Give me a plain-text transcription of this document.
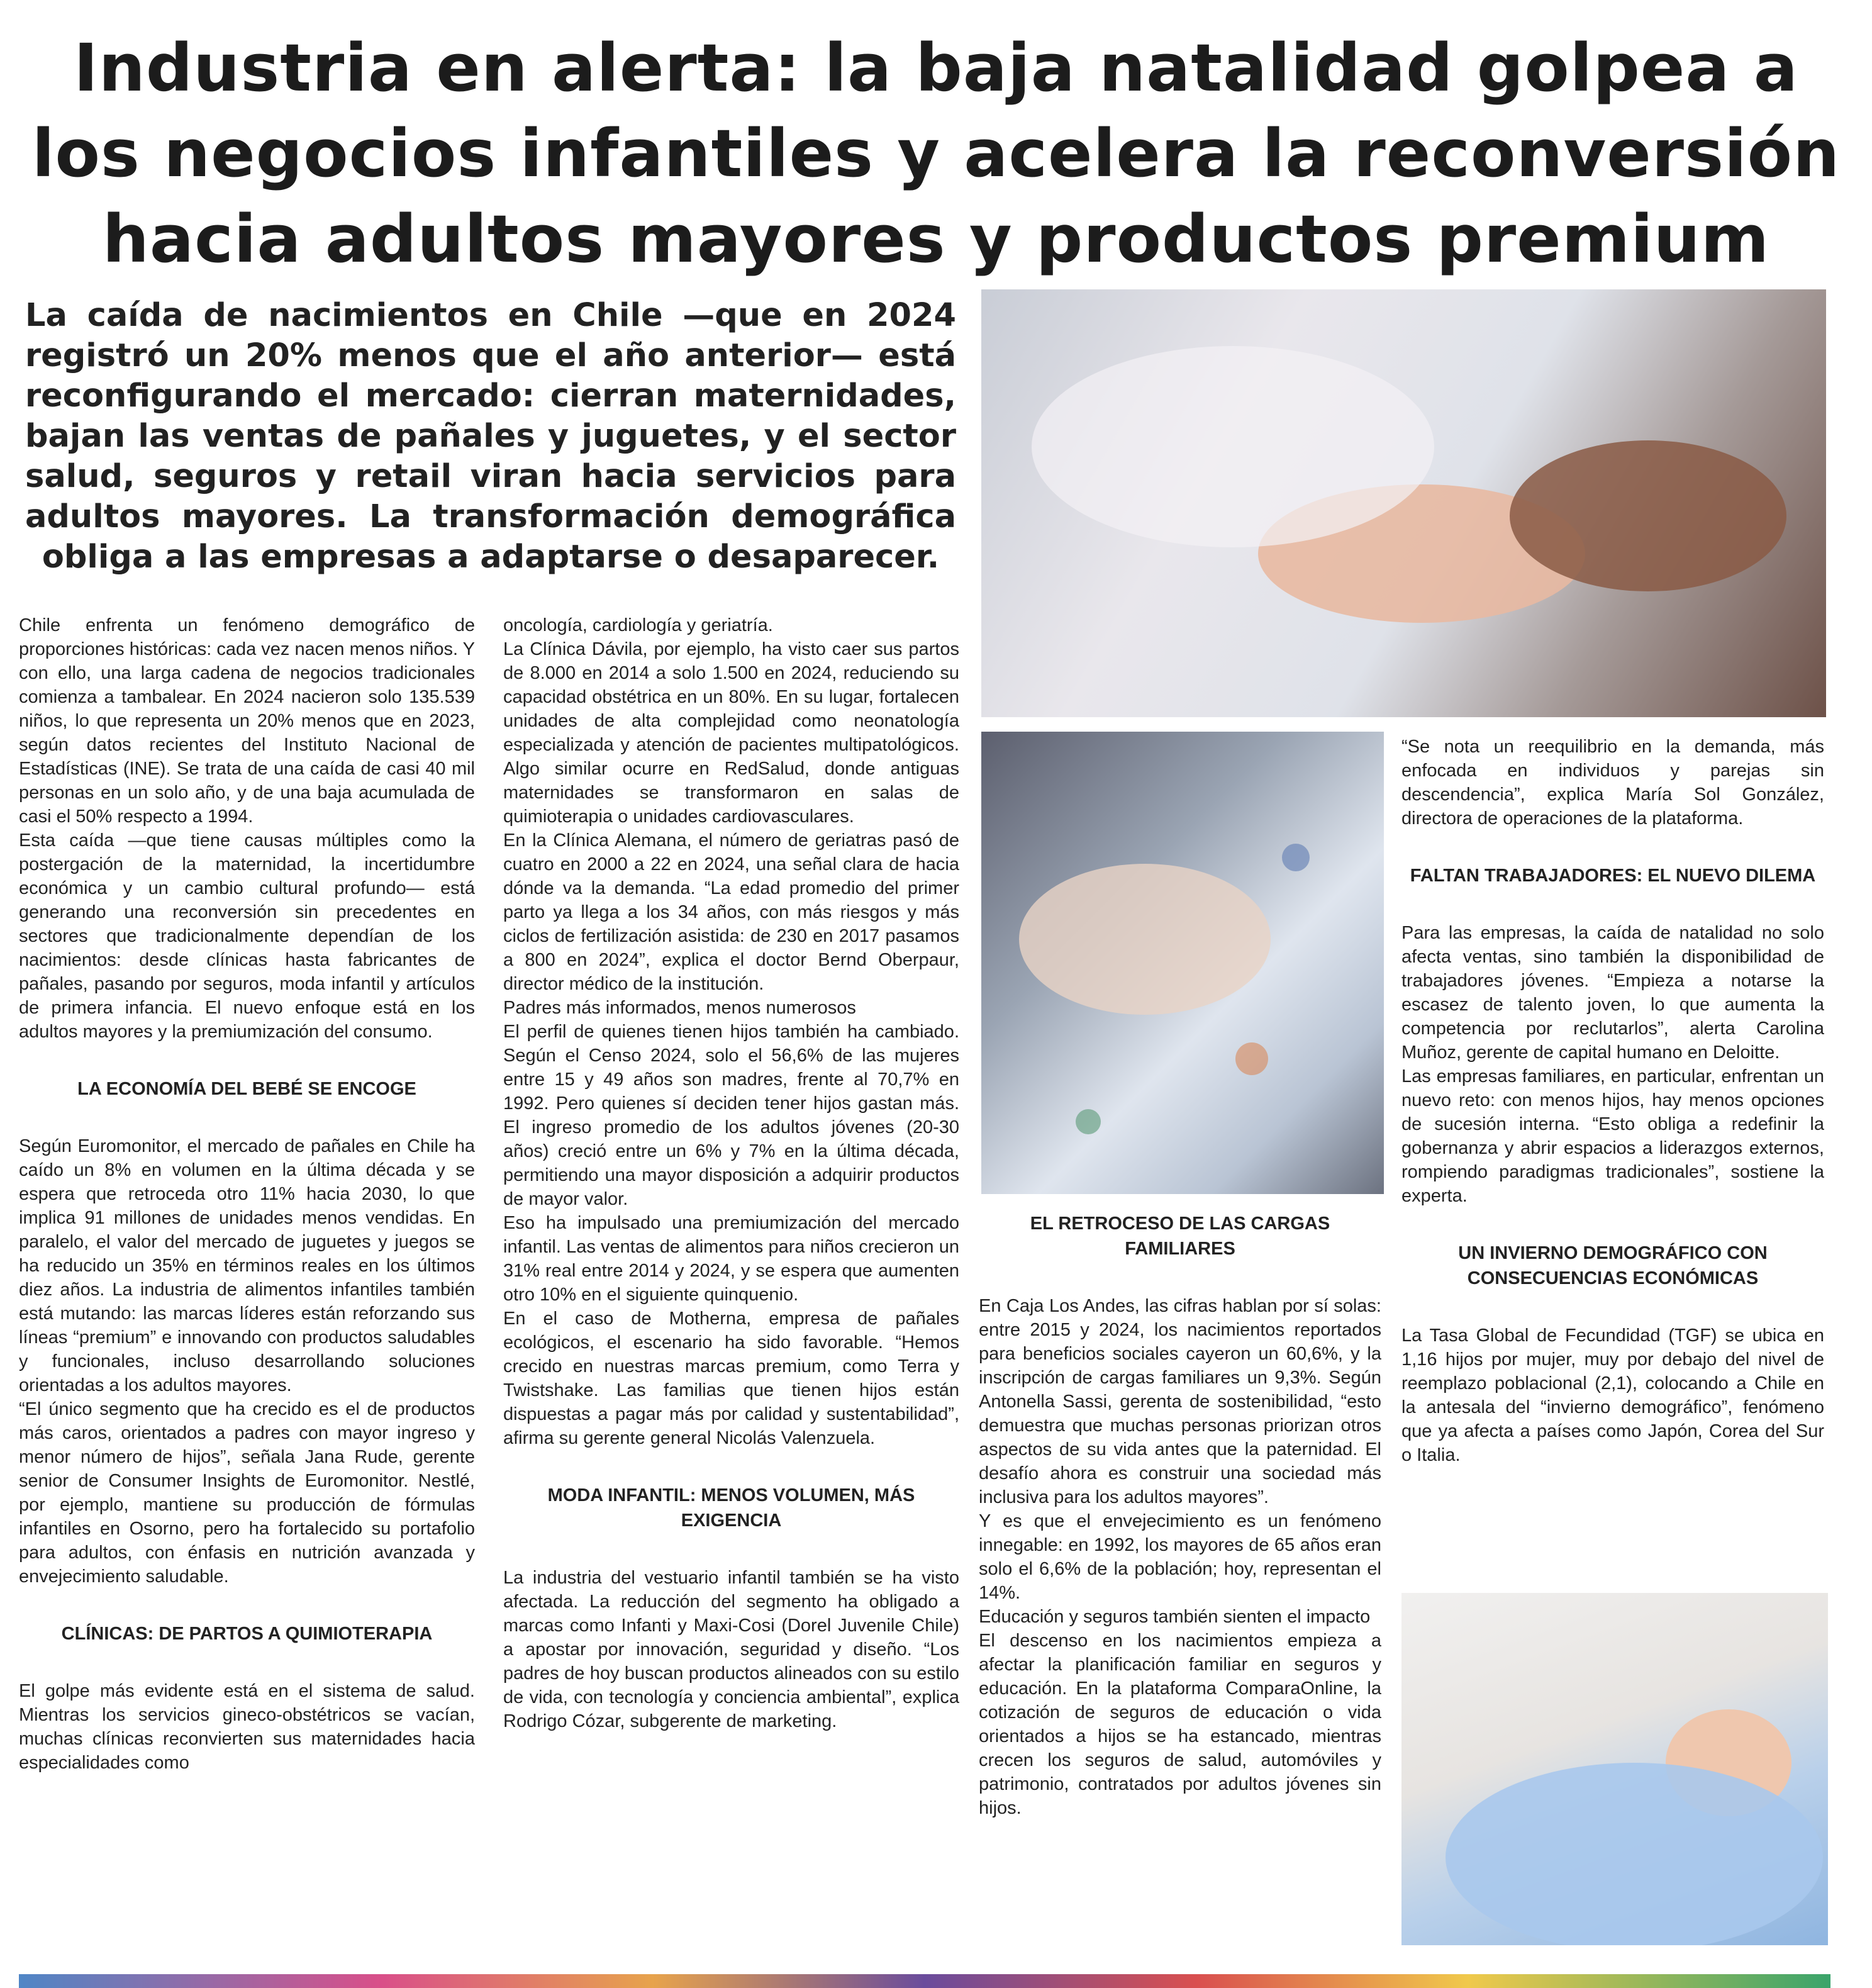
Industria en alerta: la baja natalidad golpea a los negocios infantiles y acelera la reconversión hacia adultos mayores y productos premium

La caída de nacimientos en Chile —que en 2024 registró un 20% menos que el año anterior— está reconfigurando el mercado: cierran maternidades, bajan las ventas de pañales y juguetes, y el sector salud, seguros y retail viran hacia servicios para adultos mayores. La transformación demográfica obliga a las empresas a adaptarse o desaparecer.

Chile enfrenta un fenómeno demográfico de proporciones históricas: cada vez nacen menos niños. Y con ello, una larga cadena de negocios tradicionales comienza a tambalear. En 2024 nacieron solo 135.539 niños, lo que representa un 20% menos que en 2023, según datos recientes del Instituto Nacional de Estadísticas (INE). Se trata de una caída de casi 40 mil personas en un solo año, y de una baja acumulada de casi el 50% respecto a 1994.

Esta caída —que tiene causas múltiples como la postergación de la maternidad, la incertidumbre económica y un cambio cultural profundo— está generando una reconversión sin precedentes en sectores que tradicionalmente dependían de los nacimientos: desde clínicas hasta fabricantes de pañales, pasando por seguros, moda infantil y artículos de primera infancia. El nuevo enfoque está en los adultos mayores y la premiumización del consumo.

LA ECONOMÍA DEL BEBÉ SE ENCOGE

Según Euromonitor, el mercado de pañales en Chile ha caído un 8% en volumen en la última década y se espera que retroceda otro 11% hacia 2030, lo que implica 91 millones de unidades menos vendidas. En paralelo, el valor del mercado de juguetes y juegos se ha reducido un 35% en términos reales en los últimos diez años. La industria de alimentos infantiles también está mutando: las marcas líderes están reforzando sus líneas “premium” e innovando con productos saludables y funcionales, incluso desarrollando soluciones orientadas a los adultos mayores.

“El único segmento que ha crecido es el de productos más caros, orientados a padres con mayor ingreso y menor número de hijos”, señala Jana Rude, gerente senior de Consumer Insights de Euromonitor. Nestlé, por ejemplo, mantiene su producción de fórmulas infantiles en Osorno, pero ha fortalecido su portafolio para adultos, con énfasis en nutrición avanzada y envejecimiento saludable.

CLÍNICAS: DE PARTOS A QUIMIOTERAPIA

El golpe más evidente está en el sistema de salud. Mientras los servicios gineco-obstétricos se vacían, muchas clínicas reconvierten sus maternidades hacia especialidades como

oncología, cardiología y geriatría.

La Clínica Dávila, por ejemplo, ha visto caer sus partos de 8.000 en 2014 a solo 1.500 en 2024, reduciendo su capacidad obstétrica en un 80%. En su lugar, fortalecen unidades de alta complejidad como neonatología especializada y atención de pacientes multipatológicos. Algo similar ocurre en RedSalud, donde antiguas maternidades se transformaron en salas de quimioterapia o unidades cardiovasculares.

En la Clínica Alemana, el número de geriatras pasó de cuatro en 2000 a 22 en 2024, una señal clara de hacia dónde va la demanda. “La edad promedio del primer parto ya llega a los 34 años, con más riesgos y más ciclos de fertilización asistida: de 230 en 2017 pasamos a 800 en 2024”, explica el doctor Bernd Oberpaur, director médico de la institución.

Padres más informados, menos numerosos

El perfil de quienes tienen hijos también ha cambiado. Según el Censo 2024, solo el 56,6% de las mujeres entre 15 y 49 años son madres, frente al 70,7% en 1992. Pero quienes sí deciden tener hijos gastan más. El ingreso promedio de los adultos jóvenes (20-30 años) creció entre un 6% y 7% en la última década, permitiendo una mayor disposición a adquirir productos de mayor valor.

Eso ha impulsado una premiumización del mercado infantil. Las ventas de alimentos para niños crecieron un 31% real entre 2014 y 2024, y se espera que aumenten otro 10% en el siguiente quinquenio.

En el caso de Motherna, empresa de pañales ecológicos, el escenario ha sido favorable. “Hemos crecido en nuestras marcas premium, como Terra y Twistshake. Las familias que tienen hijos están dispuestas a pagar más por calidad y sustentabilidad”, afirma su gerente general Nicolás Valenzuela.

MODA INFANTIL: MENOS VOLUMEN, MÁS EXIGENCIA

La industria del vestuario infantil también se ha visto afectada. La reducción del segmento ha obligado a marcas como Infanti y Maxi-Cosi (Dorel Juvenile Chile) a apostar por innovación, seguridad y diseño. “Los padres de hoy buscan productos alineados con su estilo de vida, con tecnología y conciencia ambiental”, explica Rodrigo Cózar, subgerente de marketing.

EL RETROCESO DE LAS CARGAS FAMILIARES

En Caja Los Andes, las cifras hablan por sí solas: entre 2015 y 2024, los nacimientos reportados para beneficios sociales cayeron un 60,6%, y la inscripción de cargas familiares un 9,3%. Según Antonella Sassi, gerenta de sostenibilidad, “esto demuestra que muchas personas priorizan otros aspectos de su vida antes que la paternidad. El desafío ahora es construir una sociedad más inclusiva para los adultos mayores”.

Y es que el envejecimiento es un fenómeno innegable: en 1992, los mayores de 65 años eran solo el 6,6% de la población; hoy, representan el 14%.

Educación y seguros también sienten el impacto

El descenso en los nacimientos empieza a afectar la planificación familiar en seguros y educación. En la plataforma ComparaOnline, la cotización de seguros de educación o vida orientados a hijos se ha estancado, mientras crecen los seguros de salud, automóviles y patrimonio, contratados por adultos jóvenes sin hijos.

“Se nota un reequilibrio en la demanda, más enfocada en individuos y parejas sin descendencia”, explica María Sol González, directora de operaciones de la plataforma.

FALTAN TRABAJADORES: EL NUEVO DILEMA

Para las empresas, la caída de natalidad no solo afecta ventas, sino también la disponibilidad de trabajadores jóvenes. “Empieza a notarse la escasez de talento joven, lo que aumenta la competencia por reclutarlos”, alerta Carolina Muñoz, gerente de capital humano en Deloitte.

Las empresas familiares, en particular, enfrentan un nuevo reto: con menos hijos, hay menos opciones de sucesión interna. “Esto obliga a redefinir la gobernanza y abrir espacios a liderazgos externos, rompiendo paradigmas tradicionales”, sostiene la experta.

UN INVIERNO DEMOGRÁFICO CON CONSECUENCIAS ECONÓMICAS

La Tasa Global de Fecundidad (TGF) se ubica en 1,16 hijos por mujer, muy por debajo del nivel de reemplazo poblacional (2,1), colocando a Chile en la antesala del “invierno demográfico”, fenómeno que ya afecta a países como Japón, Corea del Sur o Italia.
